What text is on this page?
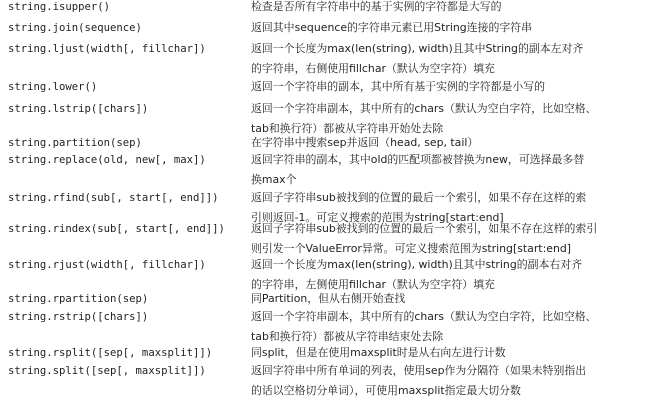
string.isupper()	检查是否所有字符串中的基于实例的字符都是大写的
string.join(sequence)	返回其中sequence的字符串元素已用String连接的字符串
string.ljust(width[, fillchar])	返回一个长度为max(len(string), width)且其中String的副本左对齐
的字符串，右侧使用fillchar（默认为空字符）填充
string.lower()	返回一个字符串的副本，其中所有基于实例的字符都是小写的
string.lstrip([chars])	返回一个字符串副本，其中所有的chars（默认为空白字符，比如空格、
tab和换行符）都被从字符串开始处去除
string.partition(sep)	在字符串中搜索sep并返回（head, sep, tail）
string.replace(old, new[, max])	返回字符串的副本，其中old的匹配项都被替换为new，可选择最多替
换max个
string.rfind(sub[, start[, end]])	返回子字符串sub被找到的位置的最后一个索引，如果不存在这样的索
引则返回-1。可定义搜索的范围为string[start:end]
string.rindex(sub[, start[, end]]) 返回子字符串sub被找到的位置的最后一个索引，如果不存在这样的索引
则引发一个ValueError异常。可定义搜索范围为string[start:end]
string.rjust(width[, fillchar])	返回一个长度为max(len(string), width)且其中string的副本右对齐
的字符串，左侧使用fillchar（默认为空字符）填充
string.rpartition(sep)	同Partition，但从右侧开始查找
string.rstrip([chars])	返回一个字符串副本，其中所有的chars（默认为空白字符，比如空格、
tab和换行符）都被从字符串结束处去除
string.rsplit([sep[, maxsplit]])	同split，但是在使用maxsplit时是从右向左进行计数
string.split([sep[, maxsplit]])	返回字符串中所有单词的列表，使用sep作为分隔符（如果未特别指出
的话以空格切分单词），可使用maxsplit指定最大切分数
